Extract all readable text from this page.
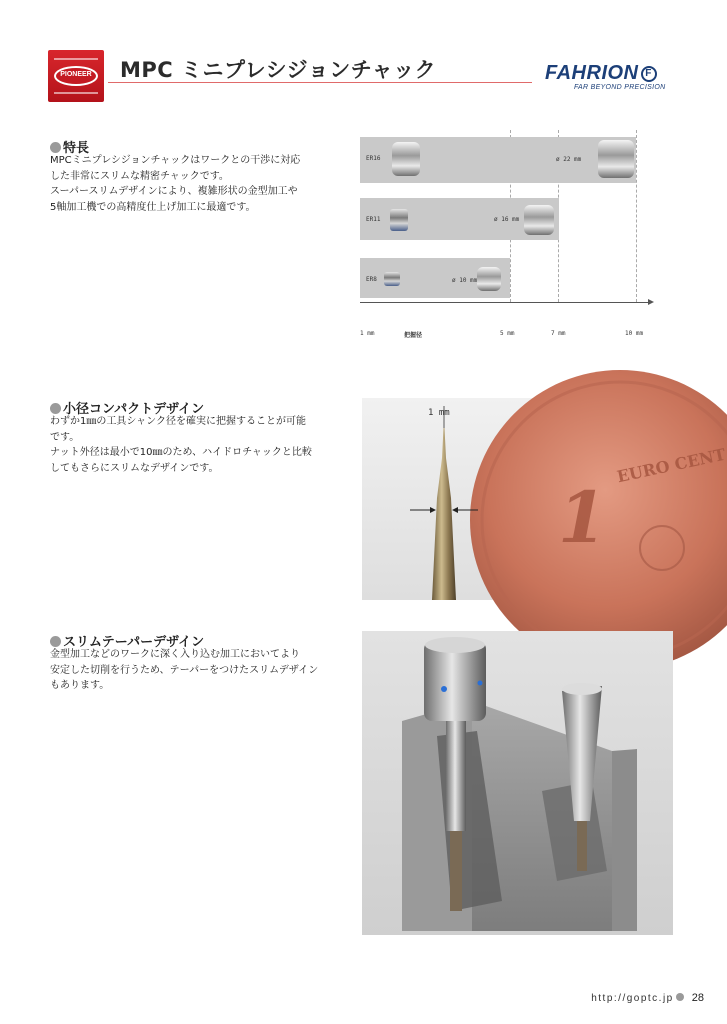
PIONEER MPC ミニプレシジョンチャック	FAHRION F
FAR BEYOND PRECISION
特長

MPCミニプレシジョンチャックはワークとの干渉に対応

した非常にスリムな精密チャックです。

スーパースリムデザインにより、複雑形状の金型加工や

5軸加工機での高精度仕上げ加工に最適です。

ER16	ø 22 mm
ER11	ø 16 mm
ER8	ø 10 mm
1 mm	把握径	5 mm	7 mm	10 mm
小径コンパクトデザイン

わずか1㎜の工具シャンク径を確実に把握することが可能

です。

ナット外径は最小で10㎜のため、ハイドロチャックと比較

してもさらにスリムなデザインです。

1 mm
1
EURO CENT
スリムテーパーデザイン

金型加工などのワークに深く入り込む加工においてより

安定した切削を行うため、テーパーをつけたスリムデザイン

もあります。

http://goptc.jp 28
